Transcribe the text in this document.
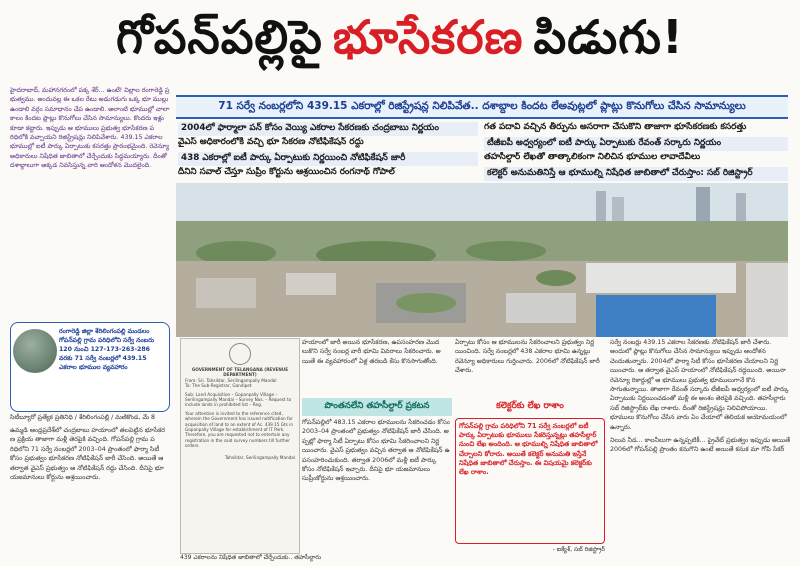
గోపన్‌పల్లిపై భూసేకరణ పిడుగు!
హైదరాబాద్, మహానగరంలో పక్క శేర్... ఉంటే! విల్లాల రంగారెడ్డి ప్రభుత్వము. అందువల్ల ఈ ఒకల రేటు అడుగడుగు ఒక్క భూ ముల్లు ఉండాలి వర్గం సమాధానం చేప ఉండాలి. అలాంటి భూముల్లో చాలా కాలం కిందట ప్లాట్లు కొనుగోలు చేసిన సామాన్యులు. కొందరు ఇళ్లు కూడా కట్టారు. ఇప్పుడు ఆ భూములు ప్రభుత్వ భూసేకరణ పరిధిలోకి వచ్చాయని రిజిస్ట్రేషన్లు నిలిపివేశారు. 439.15 ఎకరాల భూముల్లో ఐటీ పార్కు ఏర్పాటుకు కసరత్తు ప్రారంభమైంది. రెవెన్యూ అధికారులు నిషేధిత జాబితాలో చేర్చేందుకు సిద్ధమయ్యారు. దీంతో దశాబ్దాలుగా అక్కడ నివసిస్తున్న వారి ఆందోళన మొదలైంది.
రంగారెడ్డి జిల్లా శేరిలింగంపల్లి మండలం గోపన్‌పల్లి గ్రామ పరిధిలోని సర్వే నంబరు 120 నుంచి 127-173-263-286 వరకు 71 సర్వే నంబర్లలో 439.15 ఎకరాల భూముల వ్యవహారం
సిటీబ్యూరో ప్రత్యేక ప్రతినిధి / శేరిలింగంపల్లి / మణికొండ, మే 8
ఉమ్మడి ఆంధ్రప్రదేశ్‌లో చంద్రబాబు హయాంలో తలపెట్టిన భూసేకరణ ప్రక్రియ తాజాగా మళ్లీ తెరపైకి వచ్చింది. గోపన్‌పల్లి గ్రామ పరిధిలోని 71 సర్వే నంబర్లలో 2003–04 ప్రాంతంలో ఫార్మా సిటీ కోసం ప్రభుత్వం భూసేకరణ నోటిఫికేషన్ జారీ చేసింది. అయితే ఆ తర్వాత వైఎస్ ప్రభుత్వం ఆ నోటిఫికేషన్ రద్దు చేసింది. దీనిపై భూ యజమానులు కోర్టును ఆశ్రయించారు.
71 సర్వే నంబర్లలోని 439.15 ఎకరాల్లో రిజిస్ట్రేషన్ల నిలిపివేత.. దశాబ్దాల కిందట లేఅవుట్లలో ప్లాట్లు కొనుగోలు చేసిన సామాన్యులు
2004లో ఫార్మాలా పన్ కోసం వెయ్యి ఎకరాల సేకరణకు చంద్రబాబు నిర్ణయం	గత పదావి వచ్చిన తీర్పును అసరాగా చేసుకొని తాజాగా భూసేకరణకు కసరత్తు
వైఎస్ అధికారంలోకి వచ్చి భూ సేకరణ నోటిఫికేషన్ రద్దు	టీజీఐపీ అధ్వర్యంలో ఐటీ పార్కు ఏర్పాటుకు రేవంత్ సర్కారు నిర్ణయం
438 ఎకరాల్లో ఐటీ పార్కు ఏర్పాటుకు నిర్ణయించి నోటిఫికేషన్ జారీ	తహసీల్దార్ లేఖతో తాత్కాలికంగా నిలిచిన భూముల లావాదేవీలు
దీనిని సవాల్ చేస్తూ సుప్రీం కోర్టును ఆశ్రయించిన రంగనాథ్ గోపాల్	కలెక్టర్ అనుమతినిస్తే ఆ భూముల్ని నిషేధిత జాబితాలో చేరుస్తాం: సబ్ రిజిస్ట్రార్
GOVERNMENT OF TELANGANA (REVENUE DEPARTMENT)
From: Sri. Tahsildar, Serilingampally Mandal
To: The Sub-Registrar, Gandipet
Sub: Land Acquisition – Gopanpally Village – Serilingampally Mandal – Survey Nos. – Request to include lands in prohibited list – Reg.
Your attention is invited to the reference cited, wherein the Government has issued notification for acquisition of land to an extent of Ac. 439.15 Gts in Gopanpally Village for establishment of IT Park. Therefore, you are requested not to entertain any registration in the said survey numbers till further orders.
Tahsildar, Serilingampally Mandal
439 ఎకరాలను నిషేధిత జాబితాలో చేర్చేందుకు.. తహసీల్దారు
హయాంలో జారీ అయిన భూసేకరణ, ఉపసంహరణ మొదలుకొని సర్వే నంబర్ల వారీ భూమి వివరాలు సేకరించారు. అయితే ఈ వ్యవహారంలో ఏళ్ల తరబడి కేసు కొనసాగుతోంది.
ఏర్పాటు కోసం ఆ భూములను సేకరించాలని ప్రభుత్వం నిర్ణయించింది. సర్వే నంబర్లలో 438 ఎకరాల భూమి ఉన్నట్లు రెవెన్యూ అధికారులు గుర్తించారు. 2006లో నోటిఫికేషన్ జారీ చేశారు.
సర్వే నంబర్లు 439.15 ఎకరాల సేకరణకు నోటిఫికేషన్ జారీ చేశారు. అందులో ప్లాట్లు కొనుగోలు చేసిన సామాన్యులు ఇప్పుడు ఆందోళన చెందుతున్నారు. 2004లో ఫార్మా సిటీ కోసం భూసేకరణ చేయాలని నిర్ణయించారు. ఆ తర్వాత వైఎస్ హయాంలో నోటిఫికేషన్ రద్దయింది. అయినా రెవెన్యూ రికార్డుల్లో ఆ భూములు ప్రభుత్వ భూములుగానే కొనసాగుతున్నాయి. తాజాగా రేవంత్ సర్కారు టీజీఐపీ ఆధ్వర్యంలో ఐటీ పార్కు ఏర్పాటుకు నిర్ణయించడంతో మళ్లీ ఈ అంశం తెరపైకి వచ్చింది. తహసీల్దారు సబ్ రిజిస్ట్రార్‌కు లేఖ రాశారు. దీంతో రిజిస్ట్రేషన్లు నిలిచిపోయాయి. భూములు కొనుగోలు చేసిన వారు ఏం చేయాలో తెలియక అయోమయంలో ఉన్నారు.
నిలువ నీడ... కాలనీలుగా ఉన్నప్పటికీ... ప్రైవేట్ ప్రభుత్వం ఇప్పుడు అయితే 2006లో గోపన్‌పల్లి ప్రాంతం కనుగొని ఉంటే అయితే కనుక మా గోపి సేకర్
పొంతనలేని తహసీల్దార్ ప్రకటన	కలెక్టర్‌కు లేఖ రాశాం
గోపన్‌పల్లిలో 483.15 ఎకరాల భూములను సేకరించడం కోసం 2003–04 ప్రాంతంలో ప్రభుత్వం నోటిఫికేషన్ జారీ చేసింది. అప్పట్లో ఫార్మా సిటీ ఏర్పాటు కోసం భూమి సేకరించాలని నిర్ణయించారు. వైఎస్ ప్రభుత్వం వచ్చిన తర్వాత ఆ నోటిఫికేషన్ ఉపసంహరించుకుంది. తర్వాత 2006లో మళ్లీ ఐటీ పార్కు కోసం నోటిఫికేషన్ ఇచ్చారు. దీనిపై భూ యజమానులు సుప్రీంకోర్టును ఆశ్రయించారు.
గోపన్‌పల్లి గ్రామ పరిధిలోని 71 సర్వే నంబర్లలో ఐటీ పార్కు ఏర్పాటుకు భూములు సేకరిస్తున్నట్లు తహసీల్దార్ నుంచి లేఖ అందింది. ఆ భూముల్ని నిషేధిత జాబితాలో చేర్చాలని కోరారు. అయితే కలెక్టర్ అనుమతి ఇస్తేనే నిషేధిత జాబితాలో చేరుస్తాం. ఈ విషయమై కలెక్టర్‌కు లేఖ రాశాం.
- ఐక్యేశ్, సబ్ రిజిస్ట్రార్
